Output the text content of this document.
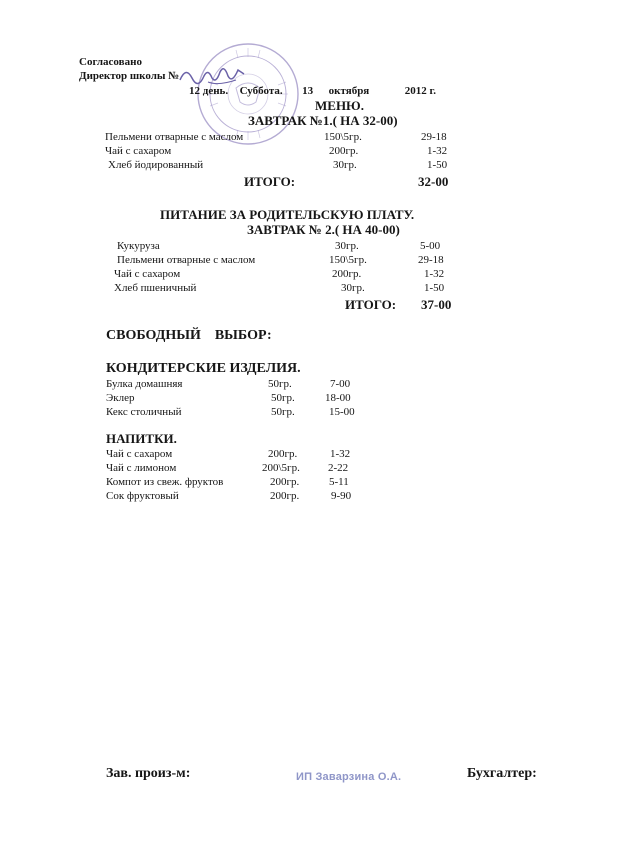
Согласовано
Директор школы №
12 день. Суббота. 13 октября	2012 г.
МЕНЮ.
ЗАВТРАК №1.( НА 32-00)
Пельмени отварные с маслом	150\5гр.	29-18
Чай с сахаром	200гр.	1-32
Хлеб йодированный	30гр.	1-50
ИТОГО:	32-00
ПИТАНИЕ ЗА РОДИТЕЛЬСКУЮ ПЛАТУ.
ЗАВТРАК № 2.( НА 40-00)
Кукуруза	30гр.	5-00
Пельмени отварные с маслом	150\5гр.	29-18
Чай с сахаром	200гр.	1-32
Хлеб пшеничный	30гр.	1-50
ИТОГО: 37-00
СВОБОДНЫЙ    ВЫБОР:
КОНДИТЕРСКИЕ ИЗДЕЛИЯ.
Булка домашняя	50гр.	7-00
Эклер	50гр.	18-00
Кекс столичный	50гр.	15-00
НАПИТКИ.
Чай с сахаром	200гр.	1-32
Чай с лимоном	200\5гр.	2-22
Компот из свеж. фруктов	200гр.	5-11
Сок фруктовый	200гр.	9-90
Зав. произ-м:	ИП Заварзина О.А.	Бухгалтер:
